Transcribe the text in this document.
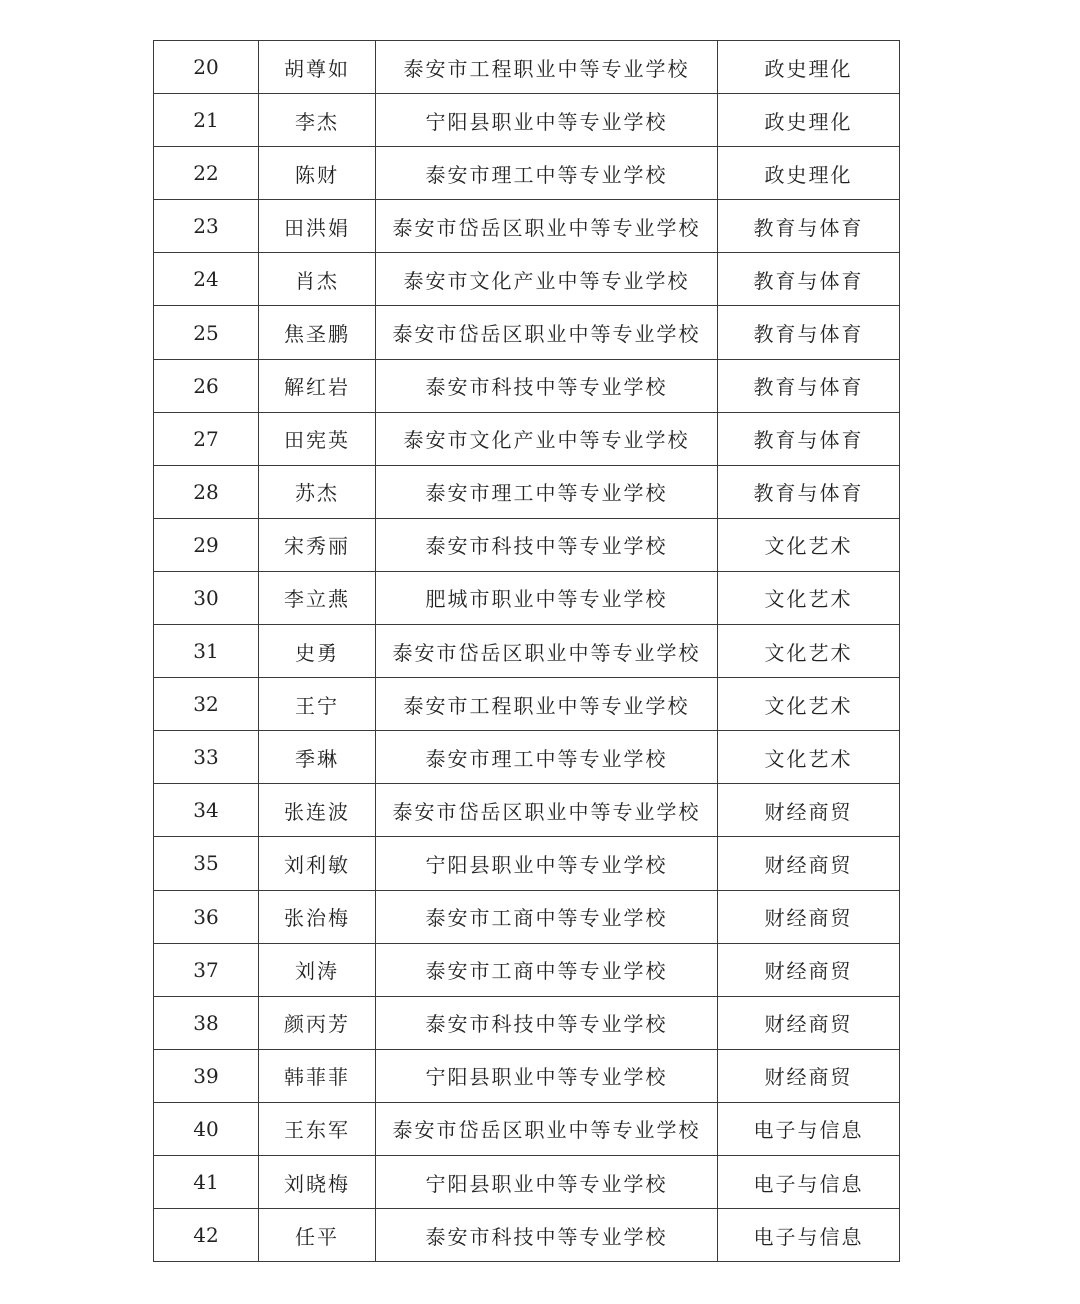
20	胡尊如	泰安市工程职业中等专业学校	政史理化
21	李杰	宁阳县职业中等专业学校	政史理化
22	陈财	泰安市理工中等专业学校	政史理化
23	田洪娟	泰安市岱岳区职业中等专业学校	教育与体育
24	肖杰	泰安市文化产业中等专业学校	教育与体育
25	焦圣鹏	泰安市岱岳区职业中等专业学校	教育与体育
26	解红岩	泰安市科技中等专业学校	教育与体育
27	田宪英	泰安市文化产业中等专业学校	教育与体育
28	苏杰	泰安市理工中等专业学校	教育与体育
29	宋秀丽	泰安市科技中等专业学校	文化艺术
30	李立燕	肥城市职业中等专业学校	文化艺术
31	史勇	泰安市岱岳区职业中等专业学校	文化艺术
32	王宁	泰安市工程职业中等专业学校	文化艺术
33	季琳	泰安市理工中等专业学校	文化艺术
34	张连波	泰安市岱岳区职业中等专业学校	财经商贸
35	刘利敏	宁阳县职业中等专业学校	财经商贸
36	张治梅	泰安市工商中等专业学校	财经商贸
37	刘涛	泰安市工商中等专业学校	财经商贸
38	颜丙芳	泰安市科技中等专业学校	财经商贸
39	韩菲菲	宁阳县职业中等专业学校	财经商贸
40	王东军	泰安市岱岳区职业中等专业学校	电子与信息
41	刘晓梅	宁阳县职业中等专业学校	电子与信息
42	任平	泰安市科技中等专业学校	电子与信息
